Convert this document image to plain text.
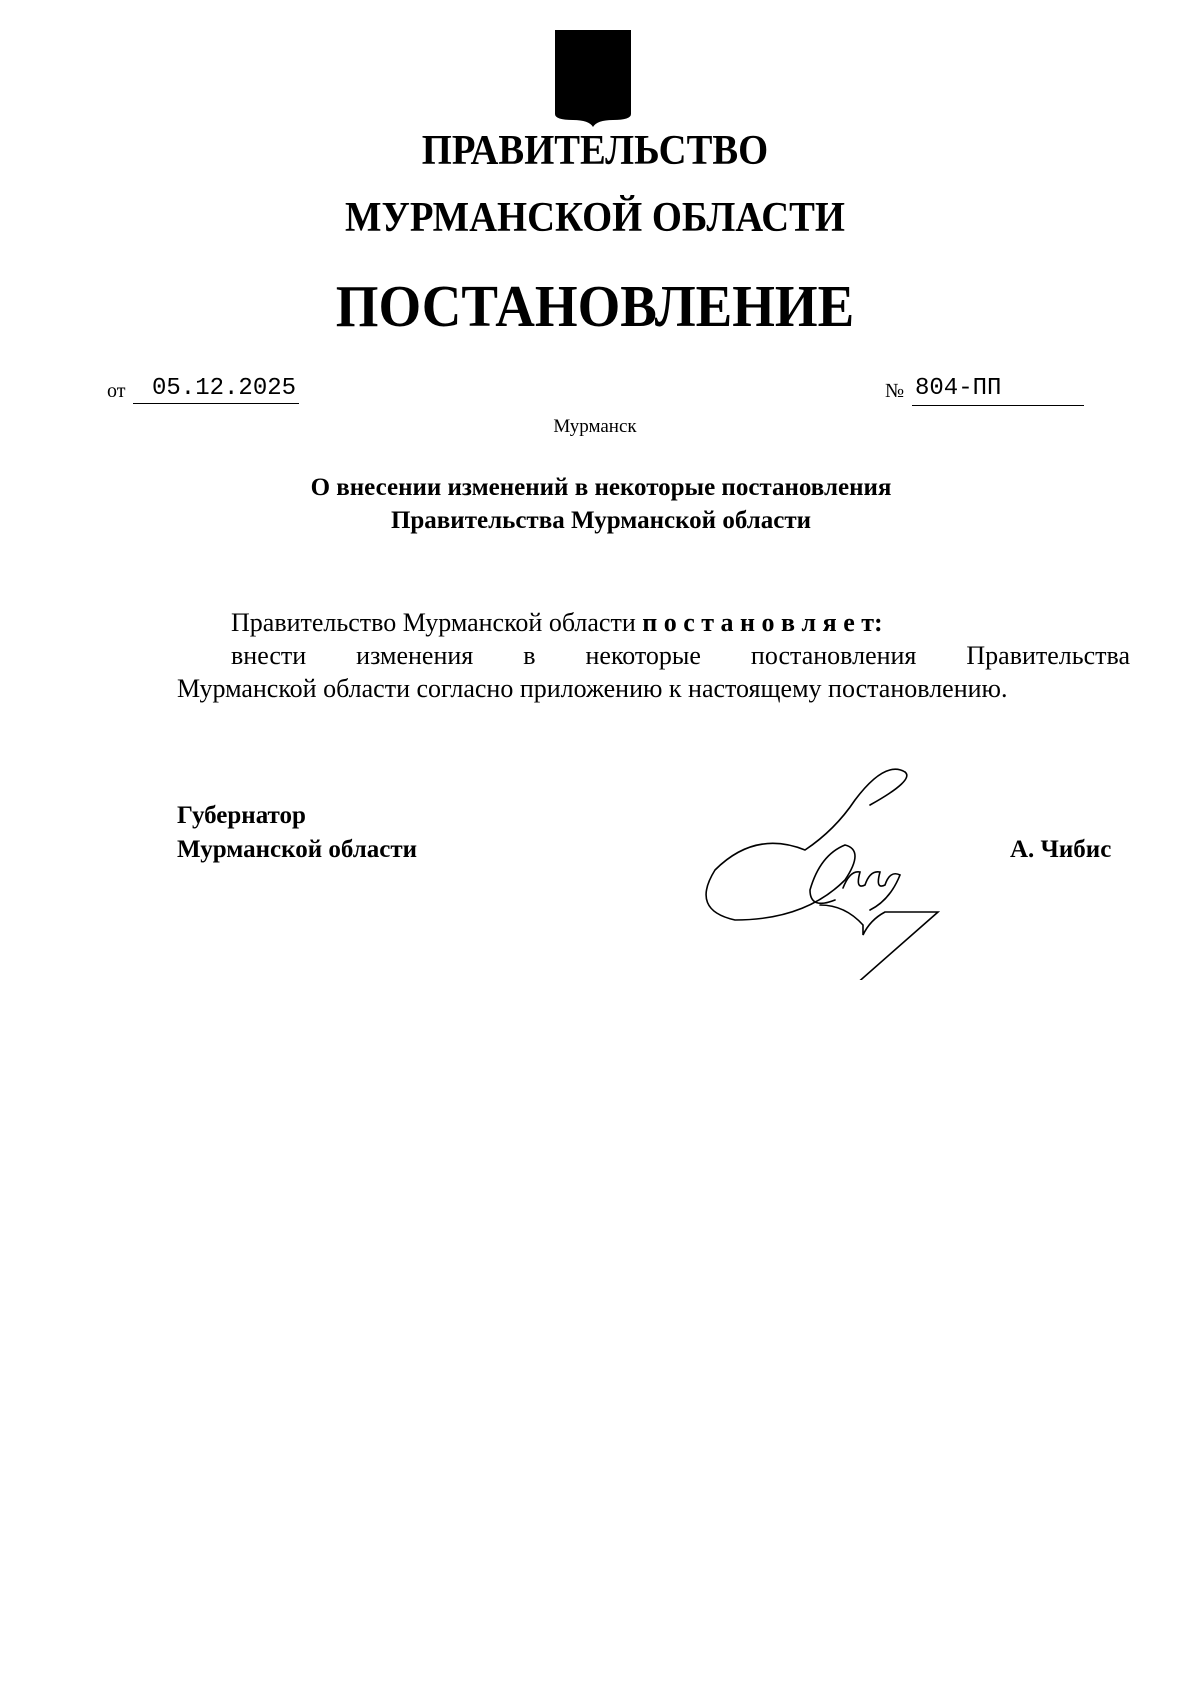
ПРАВИТЕЛЬСТВО
МУРМАНСКОЙ ОБЛАСТИ
ПОСТАНОВЛЕНИЕ
от 05.12.2025	№ 804-ПП
Мурманск
О внесении изменений в некоторые постановления
Правительства Мурманской области
Правительство Мурманской области п о с т а н о в л я е т:
внести изменения в некоторые постановления Правительства
Мурманской области согласно приложению к настоящему постановлению.
Губернатор
Мурманской области	А. Чибис
